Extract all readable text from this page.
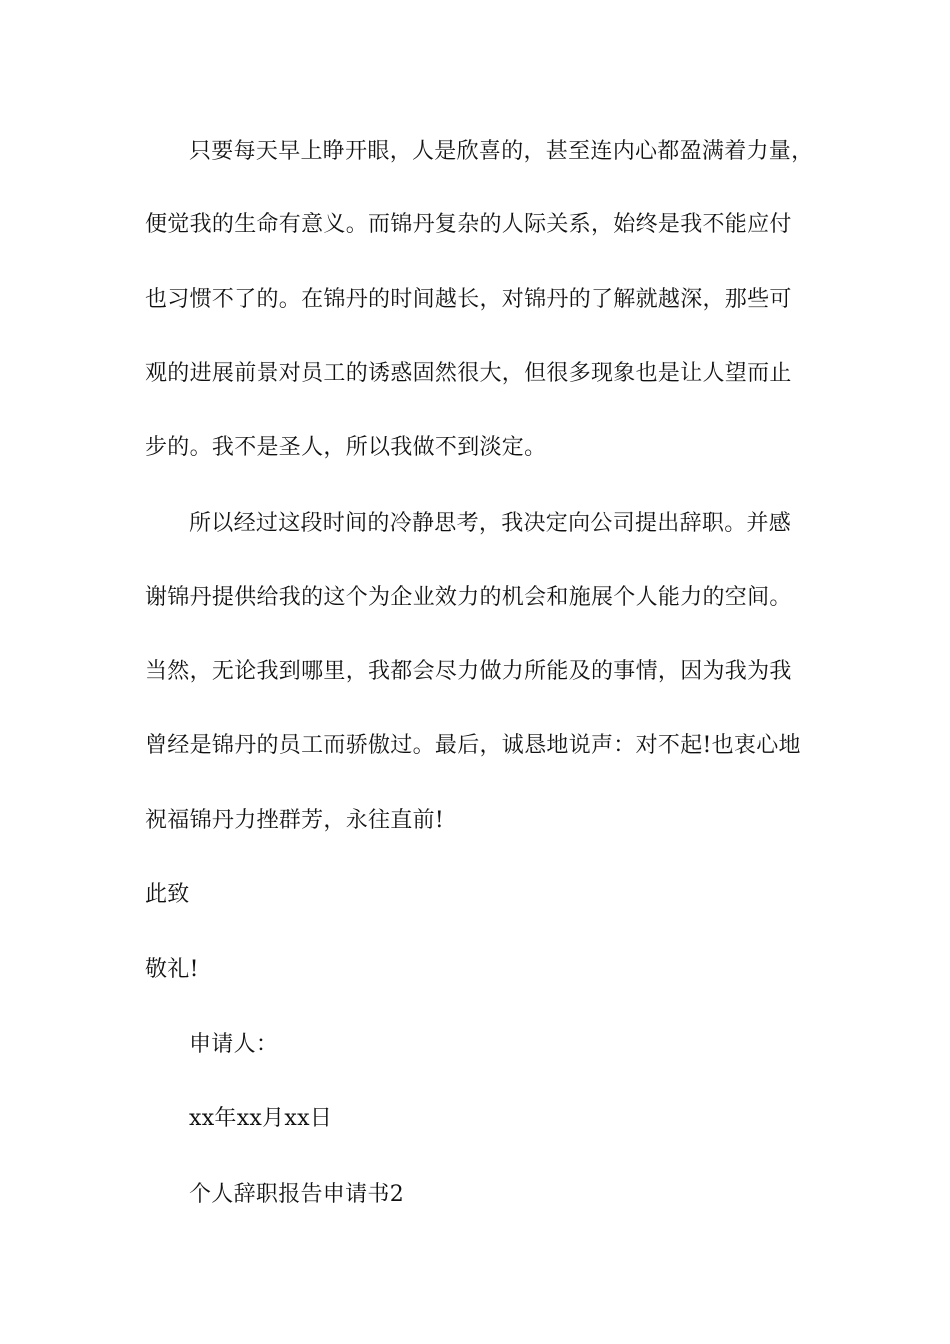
只要每天早上睁开眼，人是欣喜的，甚至连内心都盈满着力量，
便觉我的生命有意义。而锦丹复杂的人际关系，始终是我不能应付
也习惯不了的。在锦丹的时间越长，对锦丹的了解就越深，那些可
观的进展前景对员工的诱惑固然很大，但很多现象也是让人望而止
步的。我不是圣人，所以我做不到淡定。
所以经过这段时间的冷静思考，我决定向公司提出辞职。并感
谢锦丹提供给我的这个为企业效力的机会和施展个人能力的空间。
当然，无论我到哪里，我都会尽力做力所能及的事情，因为我为我
曾经是锦丹的员工而骄傲过。最后，诚恳地说声：对不起!也衷心地
祝福锦丹力挫群芳，永往直前!
此致
敬礼!
申请人：
xx年xx月xx日
个人辞职报告申请书2
